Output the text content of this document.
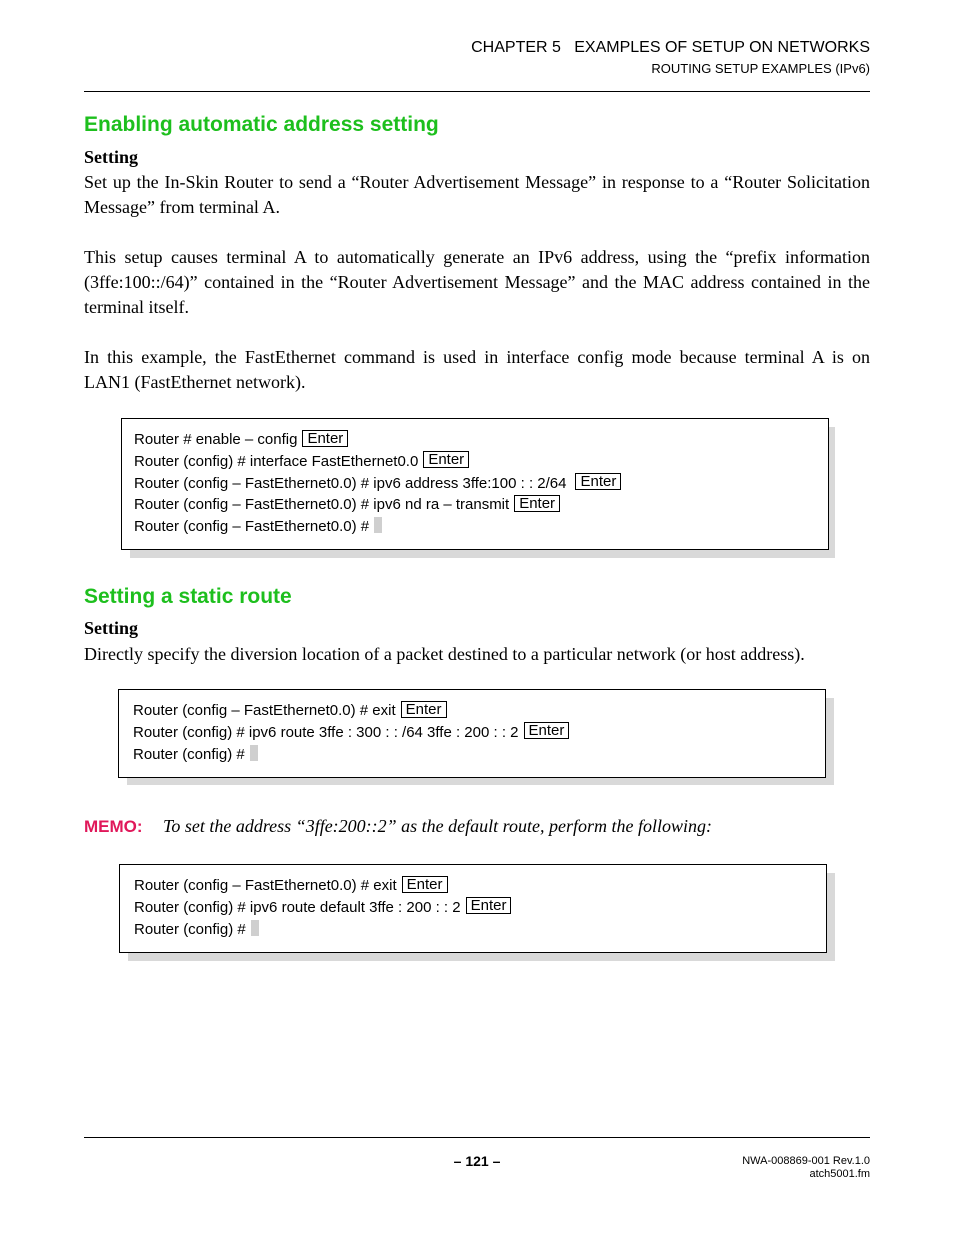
CHAPTER 5   EXAMPLES OF SETUP ON NETWORKS
ROUTING SETUP EXAMPLES (IPv6)
Enabling automatic address setting
Setting
Set up the In-Skin Router to send a “Router Advertisement Message” in response to a “Router Solicitation
Message” from terminal A.
This setup causes terminal A to automatically generate an IPv6 address, using the “prefix information
(3ffe:100::/64)” contained in the “Router Advertisement Message” and the MAC address contained in the
terminal itself.
In this example, the FastEthernet command is used in interface config mode because terminal A is on
LAN1 (FastEthernet network).
Router # enable – config Enter
Router (config) # interface FastEthernet0.0 Enter
Router (config – FastEthernet0.0) # ipv6 address 3ffe:100 : : 2/64 Enter
Router (config – FastEthernet0.0) # ipv6 nd ra – transmit Enter
Router (config – FastEthernet0.0) #
Setting a static route
Setting
Directly specify the diversion location of a packet destined to a particular network (or host address).
Router (config – FastEthernet0.0) # exit Enter
Router (config) # ipv6 route 3ffe : 300 : : /64 3ffe : 200 : : 2 Enter
Router (config) #
MEMO: To set the address “3ffe:200::2” as the default route, perform the following:
Router (config – FastEthernet0.0) # exit Enter
Router (config) # ipv6 route default 3ffe : 200 : : 2 Enter
Router (config) #
– 121 –	NWA-008869-001 Rev.1.0
atch5001.fm
